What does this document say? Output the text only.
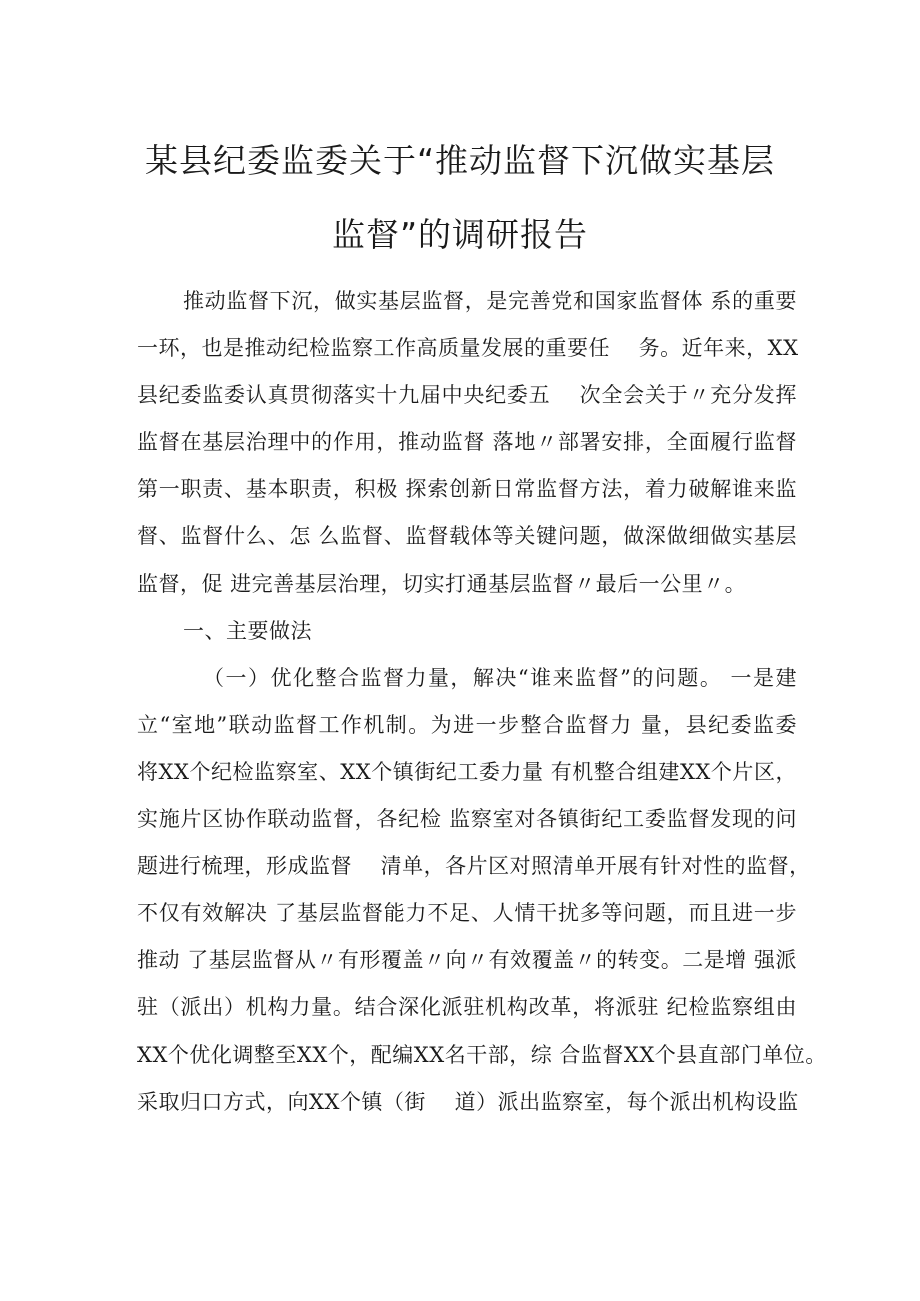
某县纪委监委关于“推动监督下沉做实基层
监督”的调研报告
推动监督下沉，做实基层监督，是完善党和国家监督体 系的重要
一环，也是推动纪检监察工作高质量发展的重要任　 务。近年来，XX
县纪委监委认真贯彻落实十九届中央纪委五　 次全会关于〃充分发挥
监督在基层治理中的作用，推动监督 落地〃部署安排，全面履行监督
第一职责、基本职责，积极 探索创新日常监督方法，着力破解谁来监
督、监督什么、怎 么监督、监督载体等关键问题，做深做细做实基层
监督，促 进完善基层治理，切实打通基层监督〃最后一公里〃。
一、主要做法
（一）优化整合监督力量，解决“谁来监督”的问题。 一是建
立“室地”联动监督工作机制。为进一步整合监督力 量，县纪委监委
将XX个纪检监察室、XX个镇街纪工委力量 有机整合组建XX个片区，
实施片区协作联动监督，各纪检 监察室对各镇街纪工委监督发现的问
题进行梳理，形成监督　 清单，各片区对照清单开展有针对性的监督，
不仅有效解决 了基层监督能力不足、人情干扰多等问题，而且进一步
推动 了基层监督从〃有形覆盖〃向〃有效覆盖〃的转变。二是增 强派
驻（派出）机构力量。结合深化派驻机构改革，将派驻 纪检监察组由
XX个优化调整至XX个，配编XX名干部，综 合监督XX个县直部门单位。
采取归口方式，向XX个镇（街　 道）派出监察室，每个派出机构设监
